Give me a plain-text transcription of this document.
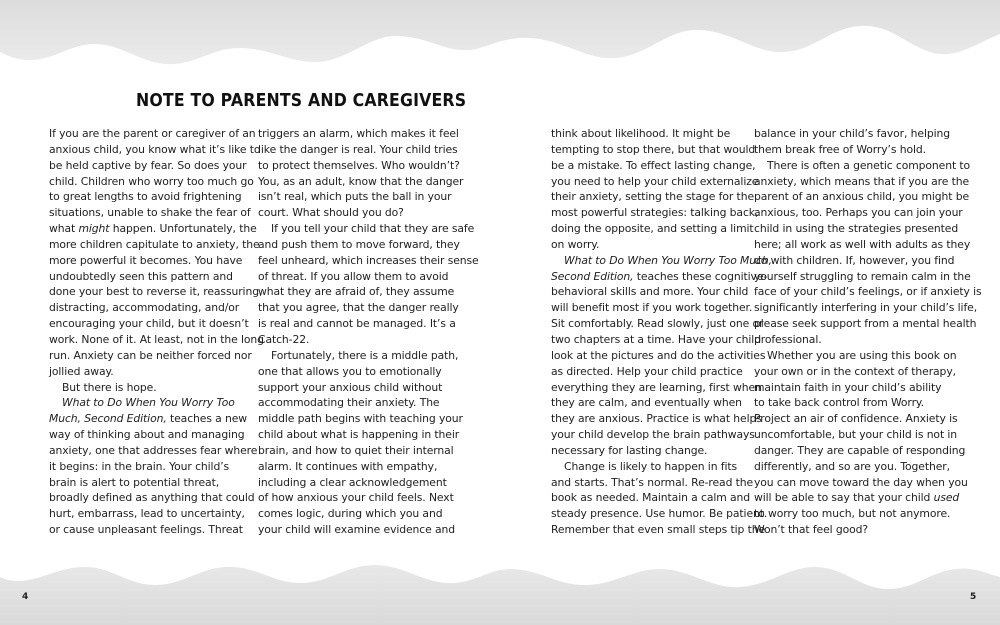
NOTE TO PARENTS AND CAREGIVERS
If you are the parent or caregiver of an
anxious child, you know what it’s like to
be held captive by fear. So does your
child. Children who worry too much go
to great lengths to avoid frightening
situations, unable to shake the fear of
what might happen. Unfortunately, the
more children capitulate to anxiety, the
more powerful it becomes. You have
undoubtedly seen this pattern and
done your best to reverse it, reassuring,
distracting, accommodating, and/or
encouraging your child, but it doesn’t
work. None of it. At least, not in the long
run. Anxiety can be neither forced nor
jollied away.
But there is hope.
What to Do When You Worry Too
Much, Second Edition, teaches a new
way of thinking about and managing
anxiety, one that addresses fear where
it begins: in the brain. Your child’s
brain is alert to potential threat,
broadly defined as anything that could
hurt, embarrass, lead to uncertainty,
or cause unpleasant feelings. Threat
triggers an alarm, which makes it feel
like the danger is real. Your child tries
to protect themselves. Who wouldn’t?
You, as an adult, know that the danger
isn’t real, which puts the ball in your
court. What should you do?
If you tell your child that they are safe
and push them to move forward, they
feel unheard, which increases their sense
of threat. If you allow them to avoid
what they are afraid of, they assume
that you agree, that the danger really
is real and cannot be managed. It’s a
Catch-22.
Fortunately, there is a middle path,
one that allows you to emotionally
support your anxious child without
accommodating their anxiety. The
middle path begins with teaching your
child about what is happening in their
brain, and how to quiet their internal
alarm. It continues with empathy,
including a clear acknowledgement
of how anxious your child feels. Next
comes logic, during which you and
your child will examine evidence and
4
think about likelihood. It might be
tempting to stop there, but that would
be a mistake. To effect lasting change,
you need to help your child externalize
their anxiety, setting the stage for the
most powerful strategies: talking back,
doing the opposite, and setting a limit
on worry.
What to Do When You Worry Too Much,
Second Edition, teaches these cognitive-
behavioral skills and more. Your child
will benefit most if you work together.
Sit comfortably. Read slowly, just one or
two chapters at a time. Have your child
look at the pictures and do the activities
as directed. Help your child practice
everything they are learning, first when
they are calm, and eventually when
they are anxious. Practice is what helps
your child develop the brain pathways
necessary for lasting change.
Change is likely to happen in fits
and starts. That’s normal. Re-read the
book as needed. Maintain a calm and
steady presence. Use humor. Be patient.
Remember that even small steps tip the
balance in your child’s favor, helping
them break free of Worry’s hold.
There is often a genetic component to
anxiety, which means that if you are the
parent of an anxious child, you might be
anxious, too. Perhaps you can join your
child in using the strategies presented
here; all work as well with adults as they
do with children. If, however, you find
yourself struggling to remain calm in the
face of your child’s feelings, or if anxiety is
significantly interfering in your child’s life,
please seek support from a mental health
professional.
Whether you are using this book on
your own or in the context of therapy,
maintain faith in your child’s ability
to take back control from Worry.
Project an air of confidence. Anxiety is
uncomfortable, but your child is not in
danger. They are capable of responding
differently, and so are you. Together,
you can move toward the day when you
will be able to say that your child used
to worry too much, but not anymore.
Won’t that feel good?
5
